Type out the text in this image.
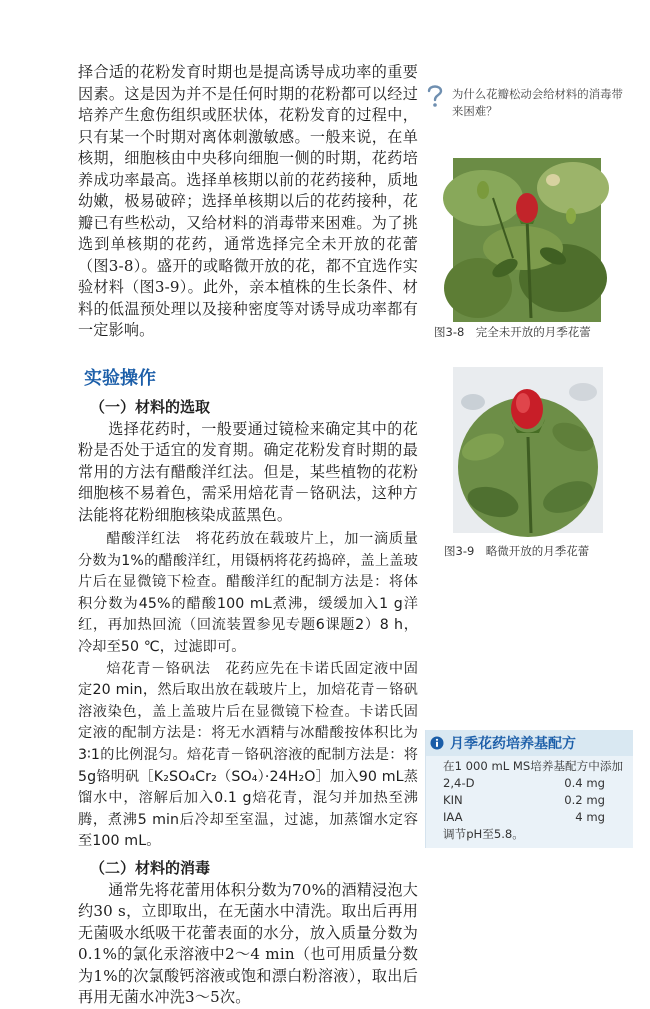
择合适的花粉发育时期也是提高诱导成功率的重要因素。这是因为并不是任何时期的花粉都可以经过培养产生愈伤组织或胚状体，花粉发育的过程中，只有某一个时期对离体刺激敏感。一般来说，在单核期，细胞核由中央移向细胞一侧的时期，花药培养成功率最高。选择单核期以前的花药接种，质地幼嫩，极易破碎；选择单核期以后的花药接种，花瓣已有些松动，又给材料的消毒带来困难。为了挑选到单核期的花药，通常选择完全未开放的花蕾（图3-8）。盛开的或略微开放的花，都不宜选作实验材料（图3-9）。此外，亲本植株的生长条件、材料的低温预处理以及接种密度等对诱导成功率都有一定影响。

实验操作
（一）材料的选取

选择花药时，一般要通过镜检来确定其中的花粉是否处于适宜的发育期。确定花粉发育时期的最常用的方法有醋酸洋红法。但是，某些植物的花粉细胞核不易着色，需采用焙花青－铬矾法，这种方法能将花粉细胞核染成蓝黑色。

醋酸洋红法　将花药放在载玻片上，加一滴质量分数为1%的醋酸洋红，用镊柄将花药捣碎，盖上盖玻片后在显微镜下检查。醋酸洋红的配制方法是：将体积分数为45%的醋酸100 mL煮沸，缓缓加入1 g洋红，再加热回流（回流装置参见专题6课题2）8 h，冷却至50 ℃，过滤即可。

焙花青－铬矾法　花药应先在卡诺氏固定液中固定20 min，然后取出放在载玻片上，加焙花青－铬矾溶液染色，盖上盖玻片后在显微镜下检查。卡诺氏固定液的配制方法是：将无水酒精与冰醋酸按体积比为3∶1的比例混匀。焙花青－铬矾溶液的配制方法是：将5g铬明矾［K₂SO₄Cr₂（SO₄）·24H₂O］加入90 mL蒸馏水中，溶解后加入0.1 g焙花青，混匀并加热至沸腾，煮沸5 min后冷却至室温，过滤，加蒸馏水定容至100 mL。

（二）材料的消毒

通常先将花蕾用体积分数为70%的酒精浸泡大约30 s，立即取出，在无菌水中清洗。取出后再用无菌吸水纸吸干花蕾表面的水分，放入质量分数为0.1%的氯化汞溶液中2～4 min（也可用质量分数为1%的次氯酸钙溶液或饱和漂白粉溶液），取出后再用无菌水冲洗3～5次。

为什么花瓣松动会给材料的消毒带来困难？
图3-8　完全未开放的月季花蕾
图3-9　略微开放的月季花蕾
月季花药培养基配方
在1 000 mL MS培养基配方中添加
2,4-D	0.4 mg
KIN	0.2 mg
IAA	4 mg
调节pH至5.8。
